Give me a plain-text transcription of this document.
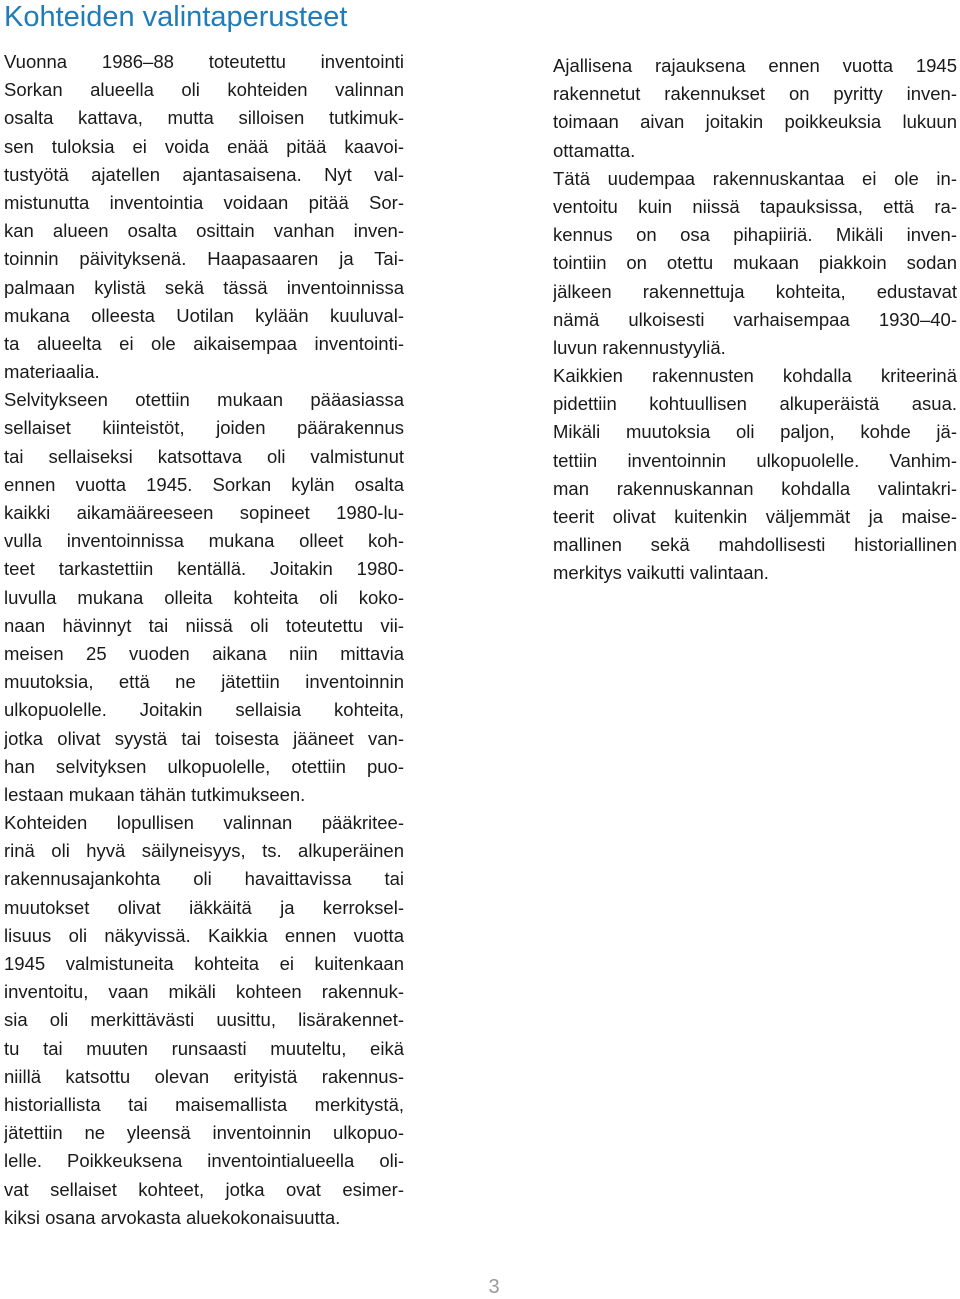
Kohteiden valintaperusteet
Vuonna 1986–88 toteutettu inventointi
Sorkan alueella oli kohteiden valinnan
osalta kattava, mutta silloisen tutkimuk-
sen tuloksia ei voida enää pitää kaavoi-
tustyötä ajatellen ajantasaisena. Nyt val-
mistunutta inventointia voidaan pitää Sor-
kan alueen osalta osittain vanhan inven-
toinnin päivityksenä. Haapasaaren ja Tai-
palmaan kylistä sekä tässä inventoinnissa
mukana olleesta Uotilan kylään kuuluval-
ta alueelta ei ole aikaisempaa inventointi-
materiaalia.
Selvitykseen otettiin mukaan pääasiassa
sellaiset kiinteistöt, joiden päärakennus
tai sellaiseksi katsottava oli valmistunut
ennen vuotta 1945. Sorkan kylän osalta
kaikki aikamääreeseen sopineet 1980-lu-
vulla inventoinnissa mukana olleet koh-
teet tarkastettiin kentällä. Joitakin 1980-
luvulla mukana olleita kohteita oli koko-
naan hävinnyt tai niissä oli toteutettu vii-
meisen 25 vuoden aikana niin mittavia
muutoksia, että ne jätettiin inventoinnin
ulkopuolelle. Joitakin sellaisia kohteita,
jotka olivat syystä tai toisesta jääneet van-
han selvityksen ulkopuolelle, otettiin puo-
lestaan mukaan tähän tutkimukseen.
Kohteiden lopullisen valinnan pääkriteе-
rinä oli hyvä säilyneisyys, ts. alkuperäinen
rakennusajankohta oli havaittavissa tai
muutokset olivat iäkkäitä ja kerroksel-
lisuus oli näkyvissä. Kaikkia ennen vuotta
1945 valmistuneita kohteita ei kuitenkaan
inventoitu, vaan mikäli kohteen rakennuk-
sia oli merkittävästi uusittu, lisärakennet-
tu tai muuten runsaasti muuteltu, eikä
niillä katsottu olevan erityistä rakennus-
historiallista tai maisemallista merkitystä,
jätettiin ne yleensä inventoinnin ulkopuo-
lelle. Poikkeuksena inventointialueella oli-
vat sellaiset kohteet, jotka ovat esimer-
kiksi osana arvokasta aluekokonaisuutta.
Ajallisena rajauksena ennen vuotta 1945
rakennetut rakennukset on pyritty inven-
toimaan aivan joitakin poikkeuksia lukuun
ottamatta.
Tätä uudempaa rakennuskantaa ei ole in-
ventoitu kuin niissä tapauksissa, että ra-
kennus on osa pihapiiriä. Mikäli inven-
tointiin on otettu mukaan piakkoin sodan
jälkeen rakennettuja kohteita, edustavat
nämä ulkoisesti varhaisempaa 1930–40-
luvun rakennustyyliä.
Kaikkien rakennusten kohdalla kriteerinä
pidettiin kohtuullisen alkuperäistä asua.
Mikäli muutoksia oli paljon, kohde jä-
tettiin inventoinnin ulkopuolelle. Vanhim-
man rakennuskannan kohdalla valintakri-
teerit olivat kuitenkin väljemmät ja maise-
mallinen sekä mahdollisesti historiallinen
merkitys vaikutti valintaan.
3
